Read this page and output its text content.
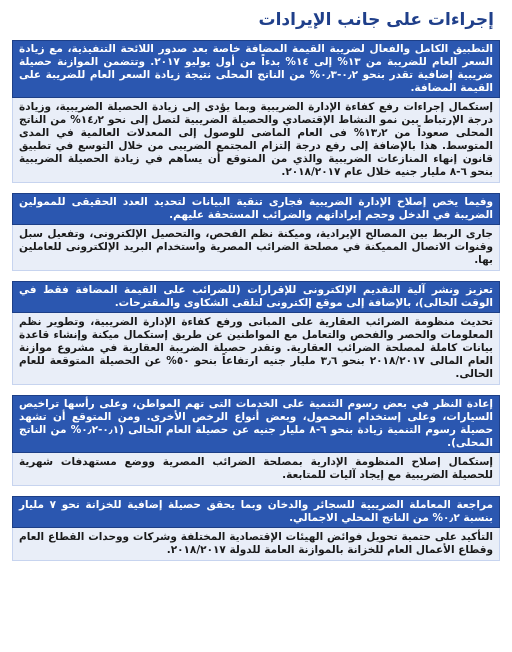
إجراءات على جانب الإيرادات
التطبيق الكامل والفعال لضريبة القيمة المضافة خاصة بعد صدور اللائحة التنفيذية، مع زيادة السعر العام للضريبة من ١٣% إلى ١٤% بدءاً من أول يوليو ٢٠١٧. وتتضمن الموازنة حصيلة ضريبية إضافية تقدر بنحو ٠٫٢-٠٫٣% من الناتج المحلى نتيجة زيادة السعر العام للضريبة على القيمة المضافة.
إستكمال إجراءات رفع كفاءة الإدارة الضريبية وبما يؤدى إلى زيادة الحصيلة الضريبية، وزيادة درجة الإرتباط بين نمو النشاط الإقتصادي والحصيلة الضريبية لتصل إلى نحو ١٤٫٢% من الناتج المحلى صعوداً من ١٣٫٢% فى العام الماضى للوصول إلى المعدلات العالمية في المدى المتوسط. هذا بالإضافة إلى رفع درجة إلتزام المجتمع الضريبى من خلال التوسع في تطبيق قانون إنهاء المنازعات الضريبية والذي من المتوقع أن يساهم في زيادة الحصيلة الضريبية بنحو ٦-٨ مليار جنيه خلال عام ٢٠١٨/٢٠١٧.
وفيما يخص إصلاح الإدارة الضريبية فجارى تنقية البيانات لتحديد العدد الحقيقى للممولين الضريبة في الدخل وحجم إيراداتهم والضرائب المستحقة عليهم.
جارى الربط بين المصالح الإيرادية، وميكنة نظم الفحص، والتحصيل الإلكترونى، وتفعيل سبل وقنوات الاتصال المميكنة في مصلحة الضرائب المصرية واستخدام البريد الإلكترونى للعاملين بها.
تعزيز ونشر آلية التقديم الإلكترونى للإقرارات (للضرائب على القيمة المضافة فقط في الوقت الحالى)، بالإضافة إلى موقع إلكترونى لتلقى الشكاوى والمقترحات.
تحديث منظومة الضرائب العقارية على المبانى ورفع كفاءة الإدارة الضريبية، وتطوير نظم المعلومات والحصر والفحص والتعامل مع المواطنين عن طريق إستكمال ميكنة وإنشاء قاعدة بيانات كاملة لمصلحة الضرائب العقارية. وتقدر حصيلة الضريبة العقارية في مشروع موازنة العام المالى ٢٠١٨/٢٠١٧ بنحو ٣٫٦ مليار جنيه ارتفاعاً بنحو ٥٠% عن الحصيلة المتوقعة للعام الحالى.
إعادة النظر في بعض رسوم التنمية على الخدمات التى تهم المواطن، وعلى رأسها تراخيص السيارات، وعلى إستخدام المحمول، وبعض أنواع الرخص الأخرى. ومن المتوقع أن تشهد حصيلة رسوم التنمية زيادة بنحو ٦-٨ مليار جنيه عن حصيلة العام الحالى (٠٫١-٠٫٢% من الناتج المحلى).
إستكمال إصلاح المنظومة الإدارية بمصلحة الضرائب المصرية ووضع مستهدفات شهرية للحصيلة الضريبية مع إيجاد آليات للمتابعة.
مراجعة المعاملة الضريبية للسجائر والدخان وبما يحقق حصيلة إضافية للخزانة نحو ٧ مليار بنسبة ٠٫٢% من الناتج المحلي الاجمالي.
التأكيد على حتمية تحويل فوائض الهيئات الإقتصادية المختلفة وشركات ووحدات القطاع العام وقطاع الأعمال العام للخزانة بالموازنة العامة للدولة ٢٠١٨/٢٠١٧.
